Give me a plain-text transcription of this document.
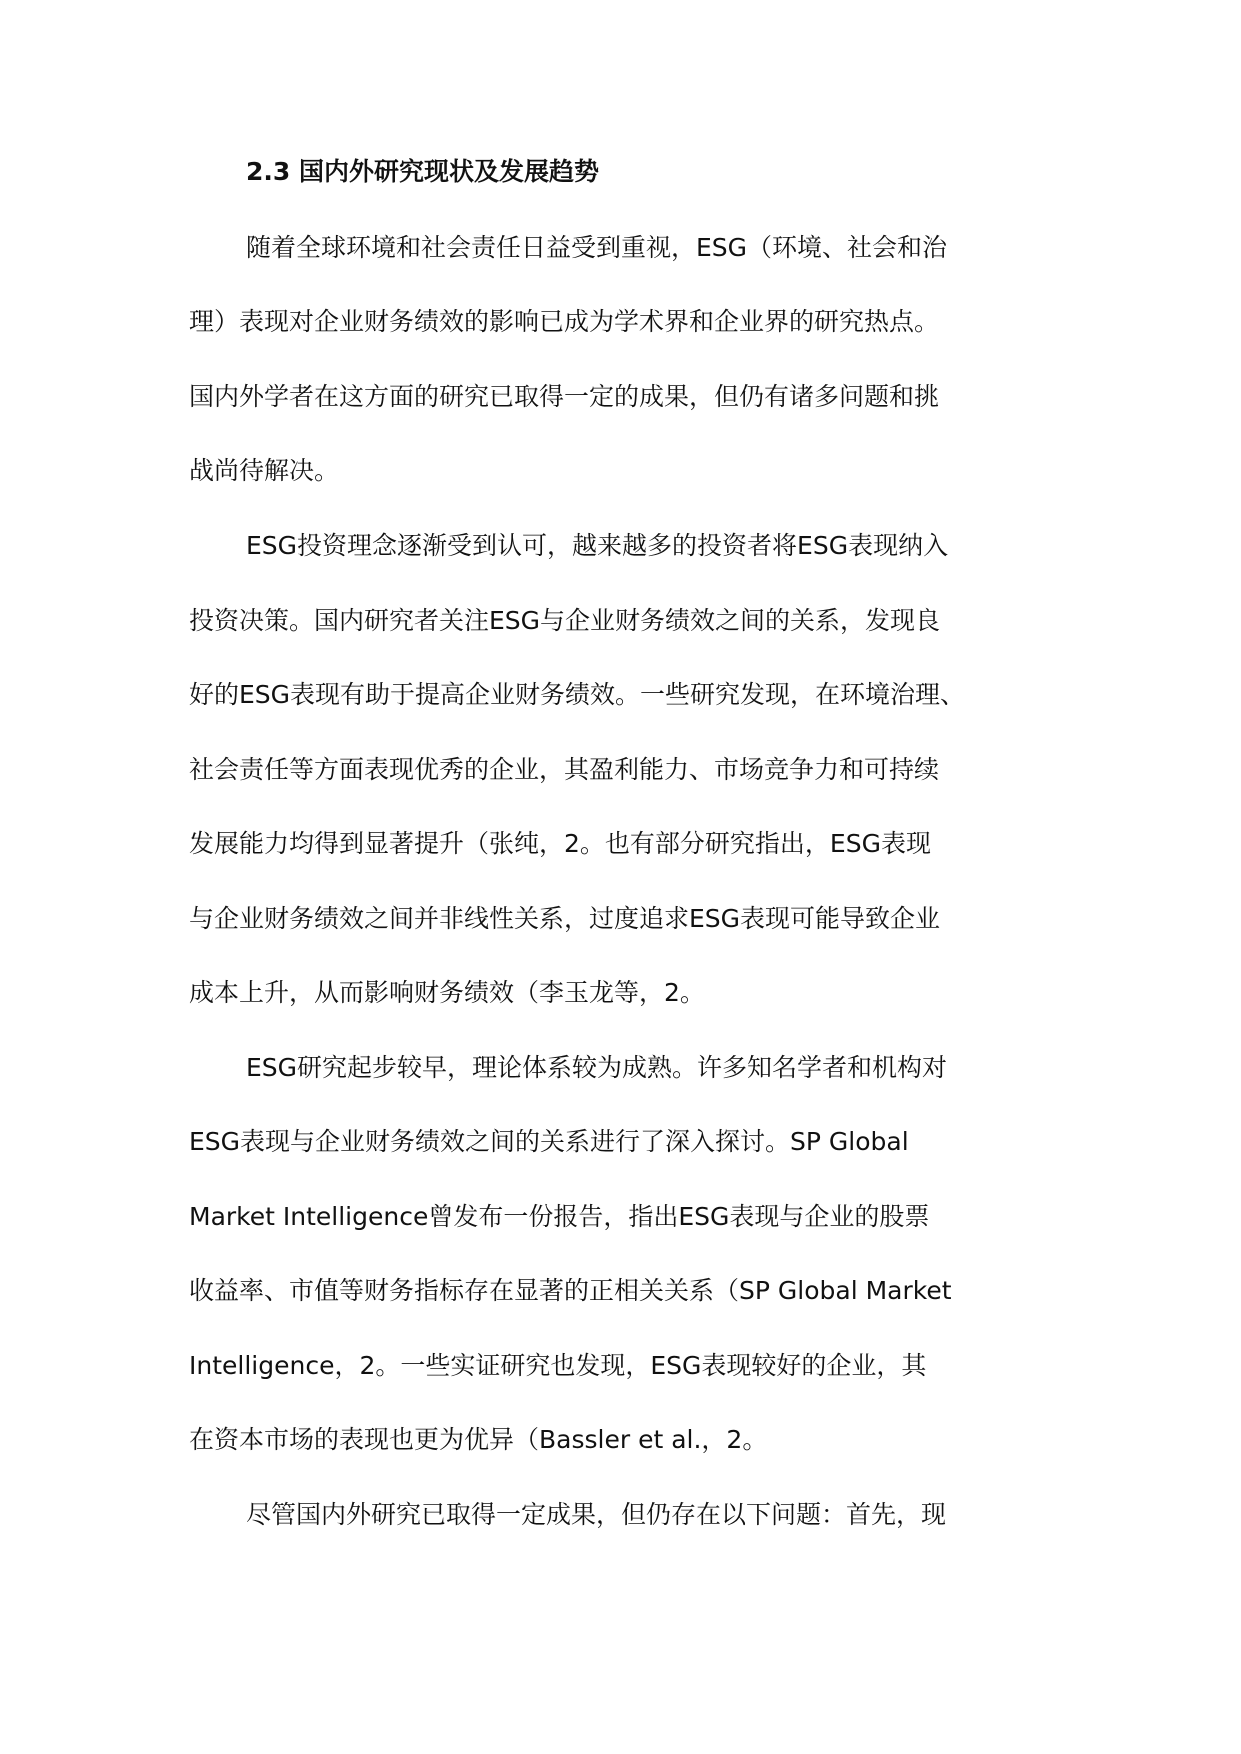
2.3 国内外研究现状及发展趋势
随着全球环境和社会责任日益受到重视，ESG（环境、社会和治
理）表现对企业财务绩效的影响已成为学术界和企业界的研究热点。
国内外学者在这方面的研究已取得一定的成果，但仍有诸多问题和挑
战尚待解决。
ESG投资理念逐渐受到认可，越来越多的投资者将ESG表现纳入
投资决策。国内研究者关注ESG与企业财务绩效之间的关系，发现良
好的ESG表现有助于提高企业财务绩效。一些研究发现，在环境治理、
社会责任等方面表现优秀的企业，其盈利能力、市场竞争力和可持续
发展能力均得到显著提升（张纯，2。也有部分研究指出，ESG表现
与企业财务绩效之间并非线性关系，过度追求ESG表现可能导致企业
成本上升，从而影响财务绩效（李玉龙等，2。
ESG研究起步较早，理论体系较为成熟。许多知名学者和机构对
ESG表现与企业财务绩效之间的关系进行了深入探讨。SP Global
Market Intelligence曾发布一份报告，指出ESG表现与企业的股票
收益率、市值等财务指标存在显著的正相关关系（SP Global Market
Intelligence，2。一些实证研究也发现，ESG表现较好的企业，其
在资本市场的表现也更为优异（Bassler et al.，2。
尽管国内外研究已取得一定成果，但仍存在以下问题：首先，现
